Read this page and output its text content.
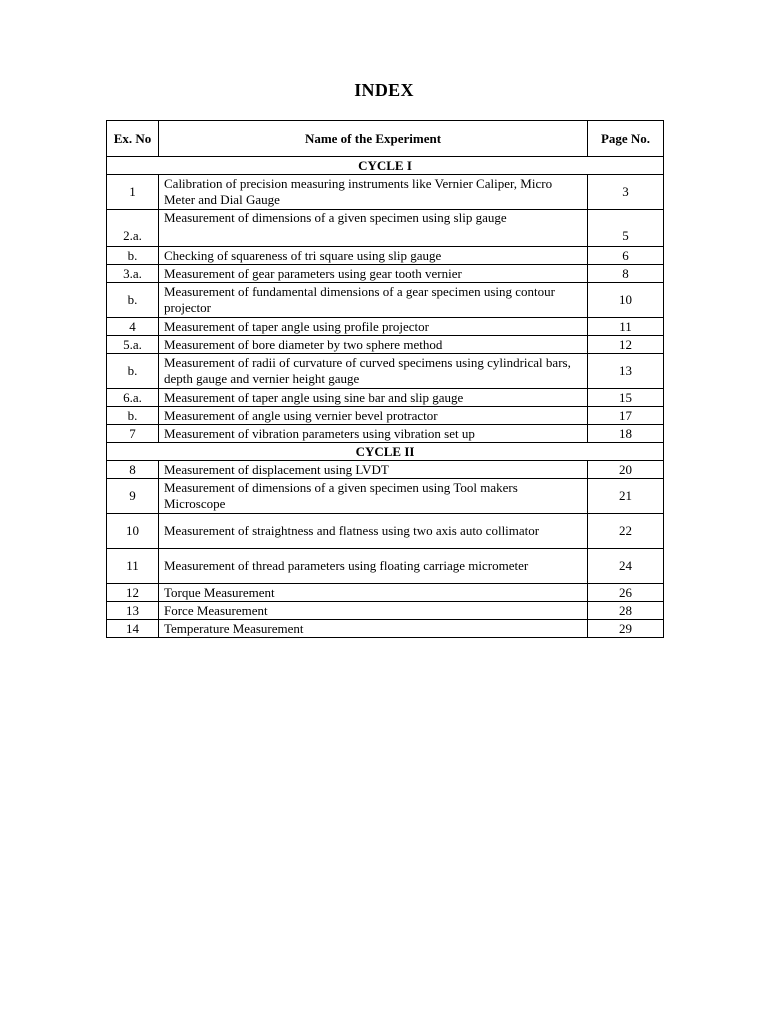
INDEX
Ex. No	Name of the Experiment	Page No.
CYCLE I		
1	Calibration of precision measuring instruments like Vernier Caliper, Micro Meter and Dial Gauge	3
2.a.	Measurement of dimensions of a given specimen using slip gauge	5
b.	Checking of squareness of tri square using slip gauge	6
3.a.	Measurement of gear parameters using gear tooth vernier	8
b.	Measurement of fundamental dimensions of a gear specimen using contour projector	10
4	Measurement of taper angle using profile projector	11
5.a.	Measurement of bore diameter by two sphere method	12
b.	Measurement of radii of curvature of curved specimens using cylindrical bars, depth gauge and vernier height gauge	13
6.a.	Measurement of taper angle using sine bar and slip gauge	15
b.	Measurement of angle using vernier bevel protractor	17
7	Measurement of vibration parameters using vibration set up	18
CYCLE II		
8	Measurement of displacement using LVDT	20
9	Measurement of dimensions of a given specimen using Tool makers Microscope	21
10	Measurement of straightness and flatness using two axis auto collimator	22
11	Measurement of thread parameters using floating carriage micrometer	24
12	Torque Measurement	26
13	Force Measurement	28
14	Temperature Measurement	29
